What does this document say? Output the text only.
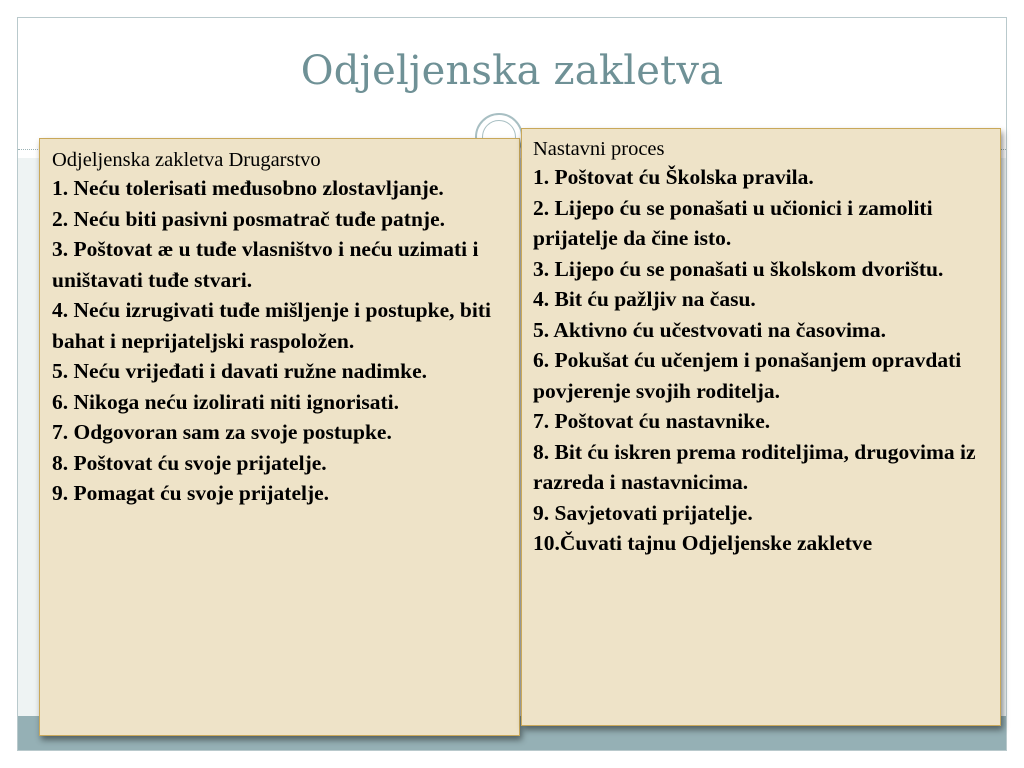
Odjeljenska zakletva
Odjeljenska zakletva Drugarstvo
1. Neću tolerisati međusobno zlostavljanje.
2. Neću biti pasivni posmatrač tuđe patnje.
3. Poštovat æ u tuđe vlasništvo i neću uzimati i uništavati tuđe stvari.
4. Neću izrugivati tuđe mišljenje i postupke, biti bahat i neprijateljski raspoložen.
5. Neću vrijeđati i davati ružne nadimke.
6. Nikoga neću izolirati niti ignorisati.
7. Odgovoran sam za svoje postupke.
8. Poštovat ću svoje prijatelje.
9. Pomagat ću svoje prijatelje.
Nastavni proces
1. Poštovat ću Školska pravila.
2. Lijepo ću se ponašati u učionici i zamoliti prijatelje da čine isto.
3. Lijepo ću se ponašati u školskom dvorištu.
4. Bit ću pažljiv na času.
5. Aktivno ću učestvovati na časovima.
6. Pokušat ću učenjem i ponašanjem opravdati povjerenje svojih roditelja.
7. Poštovat ću nastavnike.
8. Bit ću iskren prema roditeljima, drugovima iz razreda i nastavnicima.
9. Savjetovati prijatelje.
10.Čuvati tajnu Odjeljenske zakletve
